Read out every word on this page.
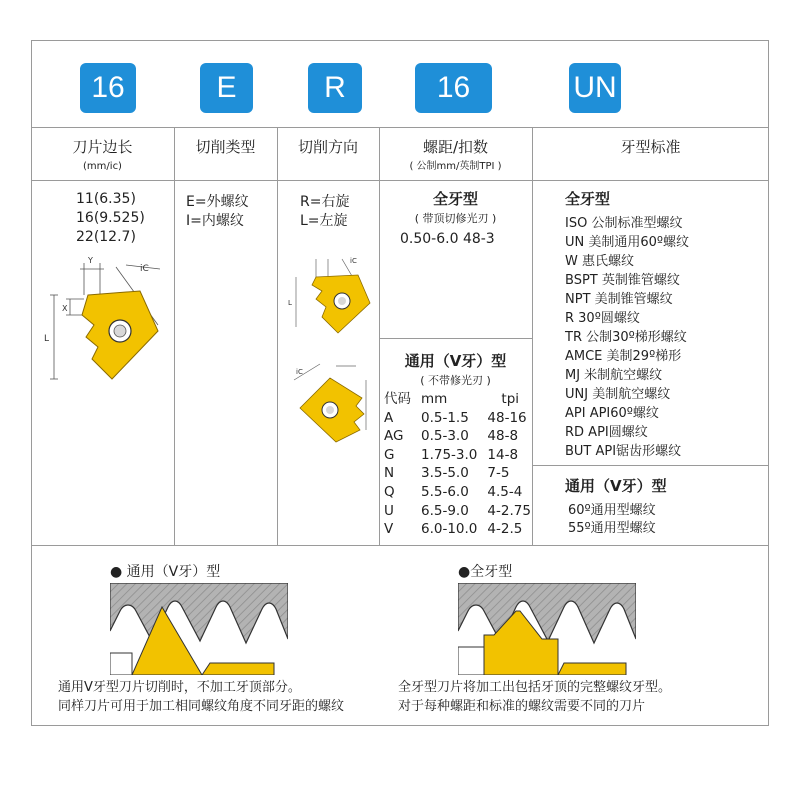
16	E	R	16	UN
刀片边长
(mm/ic)
切削类型	切削方向	螺距/扣数
( 公制mm/英制TPI )
牙型标准
11(6.35)
16(9.525)
22(12.7)
L
Y
X
iC
E=外螺纹
I=内螺纹
R=右旋
L=左旋
L
iC
iC
全牙型
( 带顶切修光刃 )
0.50-6.0 48-3
通用（V牙）型
( 不带修光刃 )
代码	mm	tpi
A	0.5-1.5	48-16
AG	0.5-3.0	48-8
G	1.75-3.0	14-8
N	3.5-5.0	7-5
Q	5.5-6.0	4.5-4
U	6.5-9.0	4-2.75
V	6.0-10.0	4-2.5
全牙型
ISO 公制标准型螺纹
UN 美制通用60º螺纹
W 惠氏螺纹
BSPT 英制锥管螺纹
NPT 美制锥管螺纹
R 30º圆螺纹
TR 公制30º梯形螺纹
AMCE 美制29º梯形
MJ 米制航空螺纹
UNJ 美制航空螺纹
API API60º螺纹
RD API圆螺纹
BUT API锯齿形螺纹
通用（V牙）型
60º通用型螺纹
55º通用型螺纹
● 通用（V牙）型	●全牙型
通用V牙型刀片切削时，不加工牙顶部分。
同样刀片可用于加工相同螺纹角度不同牙距的螺纹
全牙型刀片将加工出包括牙顶的完整螺纹牙型。
对于每种螺距和标准的螺纹需要不同的刀片
